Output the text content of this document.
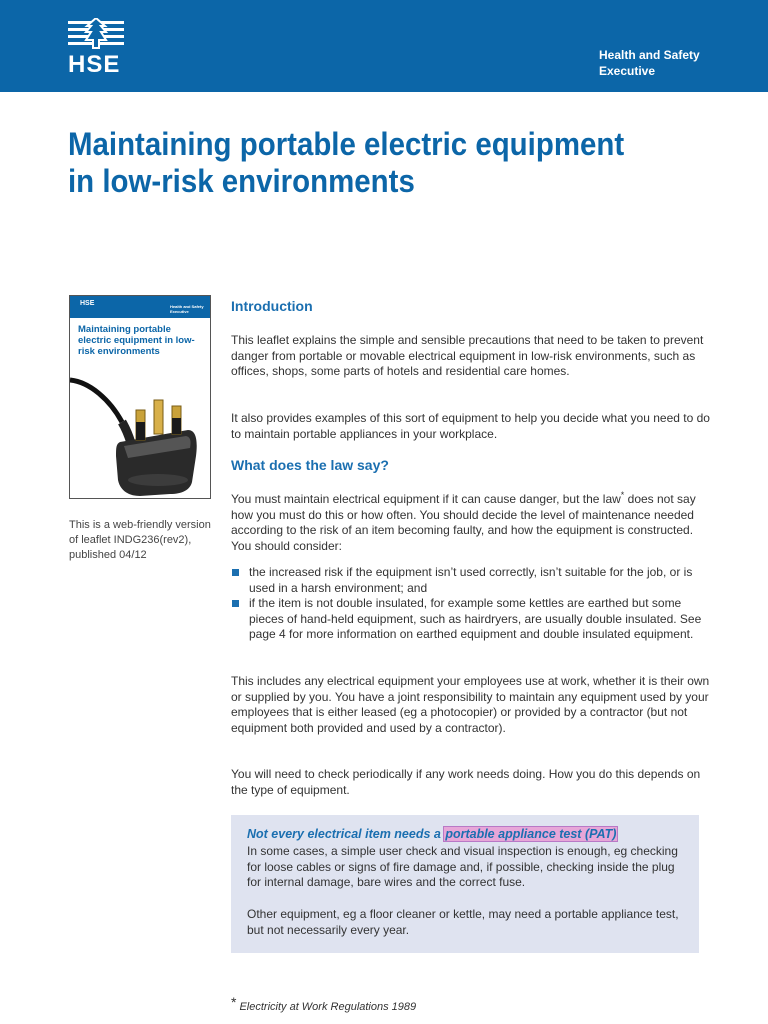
HSE	Health and Safety
Executive
Maintaining portable electric equipment in low-risk environments
HSE	Health and Safety Executive
Maintaining portable electric equipment in low-risk environments
This is a web-friendly version of leaflet INDG236(rev2), published 04/12
Introduction

This leaflet explains the simple and sensible precautions that need to be taken to prevent danger from portable or movable electrical equipment in low-risk environments, such as offices, shops, some parts of hotels and residential care homes.

It also provides examples of this sort of equipment to help you decide what you need to do to maintain portable appliances in your workplace.

What does the law say?

You must maintain electrical equipment if it can cause danger, but the law* does not say how you must do this or how often. You should decide the level of maintenance needed according to the risk of an item becoming faulty, and how the equipment is constructed. You should consider:

the increased risk if the equipment isn’t used correctly, isn’t suitable for the job, or is used in a harsh environment; and
if the item is not double insulated, for example some kettles are earthed but some pieces of hand-held equipment, such as hairdryers, are usually double insulated. See page 4 for more information on earthed equipment and double insulated equipment.

This includes any electrical equipment your employees use at work, whether it is their own or supplied by you. You have a joint responsibility to maintain any equipment used by your employees that is either leased (eg a photocopier) or provided by a contractor (but not equipment both provided and used by a contractor).

You will need to check periodically if any work needs doing. How you do this depends on the type of equipment.

Not every electrical item needs a portable appliance test (PAT)

In some cases, a simple user check and visual inspection is enough, eg checking for loose cables or signs of fire damage and, if possible, checking inside the plug for internal damage, bare wires and the correct fuse.

Other equipment, eg a floor cleaner or kettle, may need a portable appliance test, but not necessarily every year.

* Electricity at Work Regulations 1989
